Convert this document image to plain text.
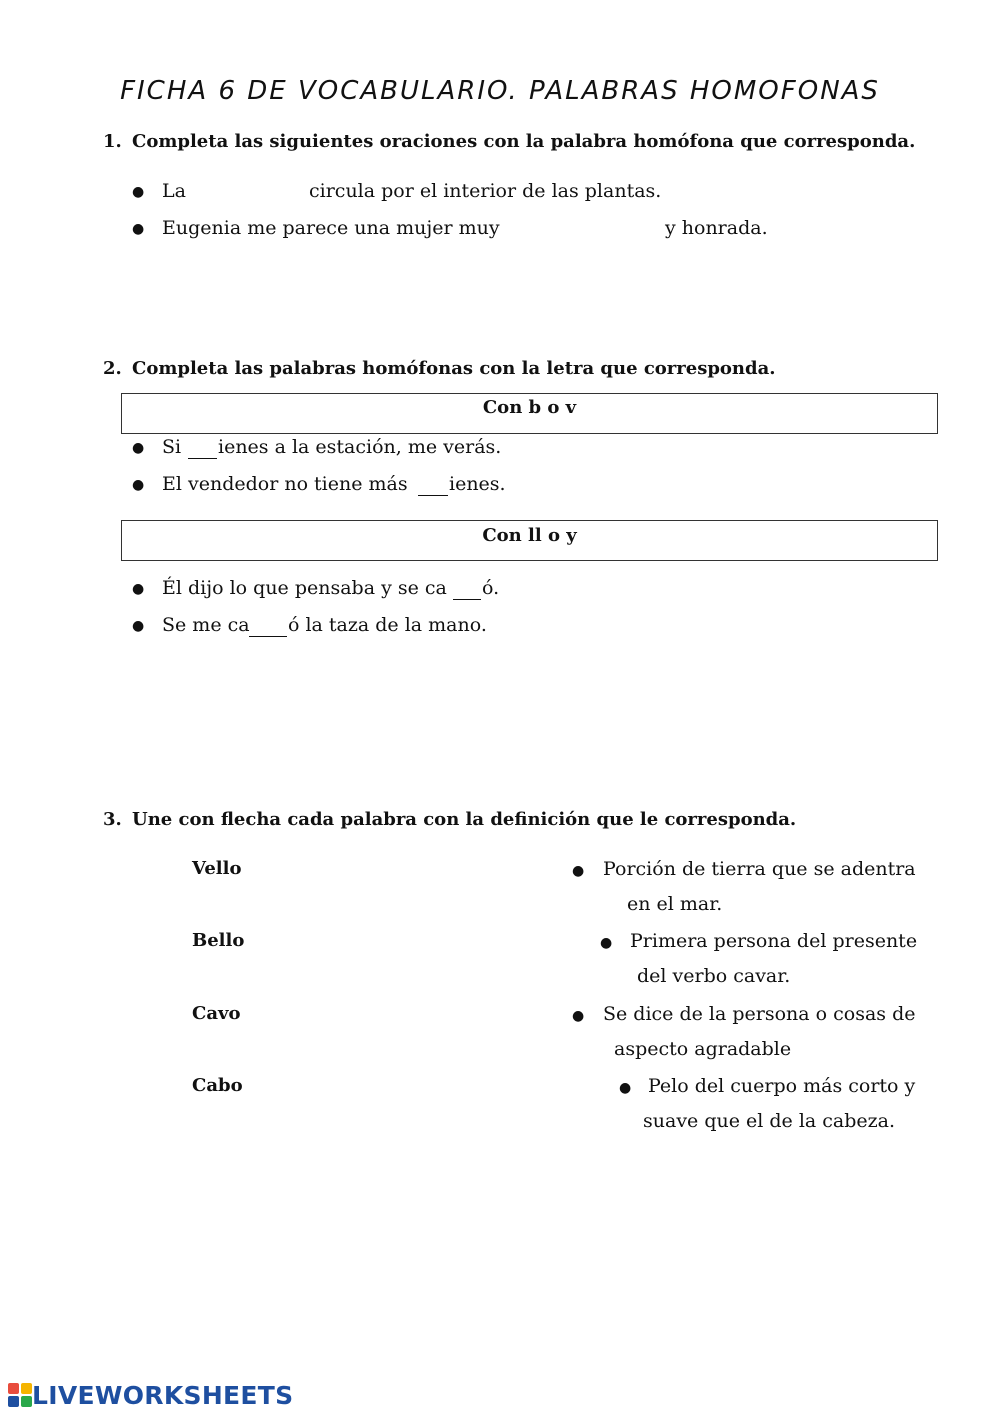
FICHA 6 DE VOCABULARIO. PALABRAS HOMOFONAS
1. Completa las siguientes oraciones con la palabra homófona que corresponda.
● La	circula por el interior de las plantas.
● Eugenia me parece una mujer muy	y honrada.
2. Completa las palabras homófonas con la letra que corresponda.
Con b o v
● Si ienes a la estación, me verás.
● El vendedor no tiene más ienes.
Con ll o y
● Él dijo lo que pensaba y se ca ó.
● Se me ca ó la taza de la mano.
3. Une con flecha cada palabra con la definición que le corresponda.
Vello
Bello
Cavo
Cabo
● Porción de tierra que se adentra
en el mar.
● Primera persona del presente
del verbo cavar.
● Se dice de la persona o cosas de
aspecto agradable
● Pelo del cuerpo más corto y
suave que el de la cabeza.
LIVEWORKSHEETS
